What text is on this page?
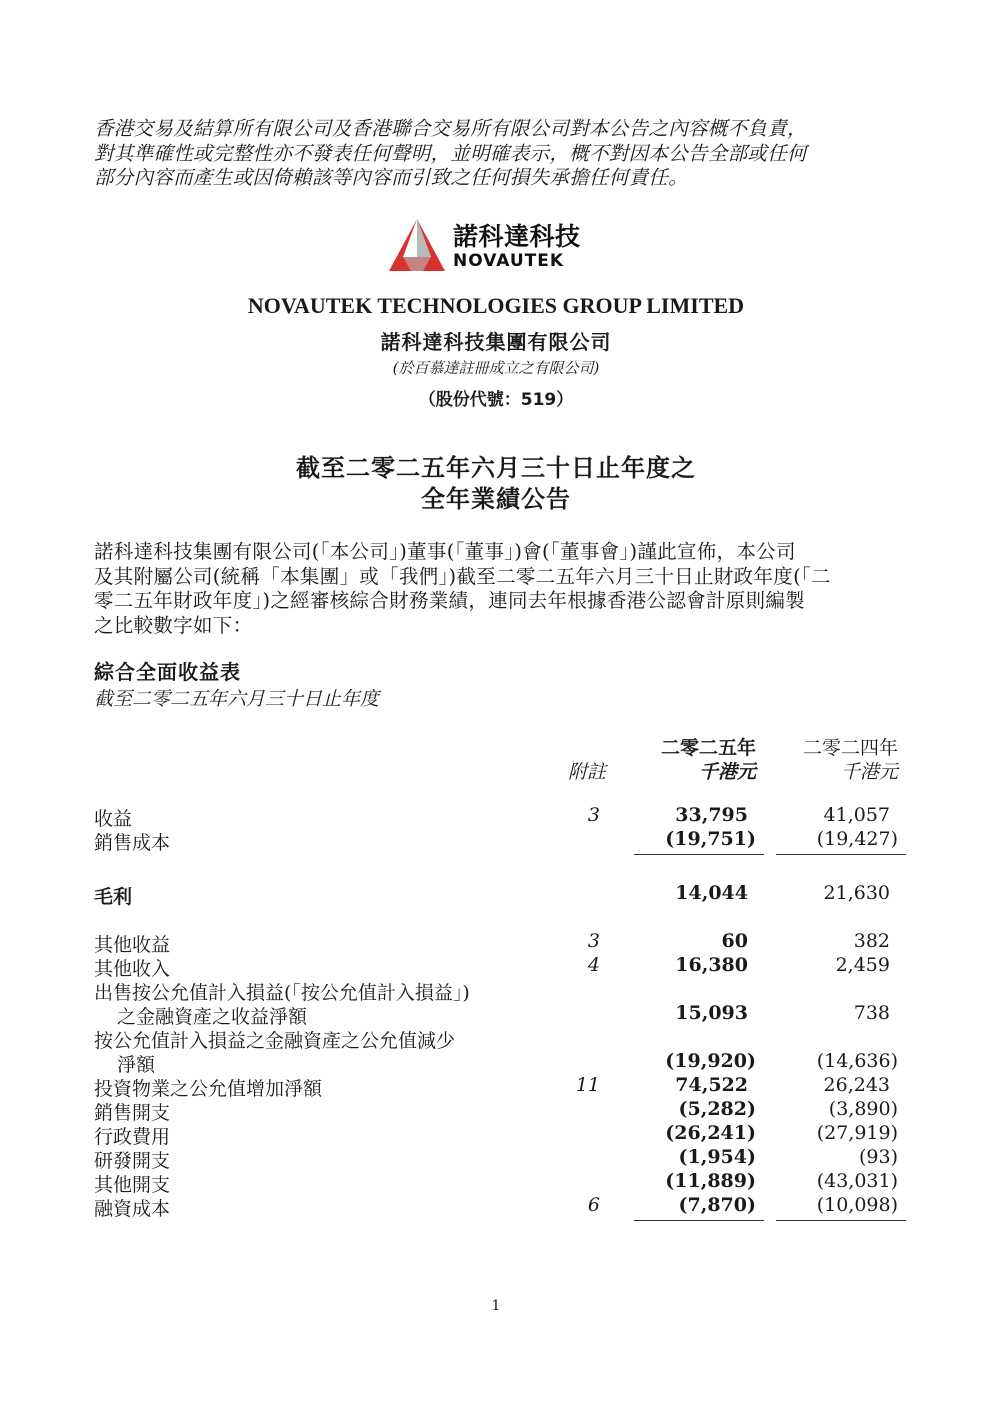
香港交易及結算所有限公司及香港聯合交易所有限公司對本公告之內容概不負責，
對其準確性或完整性亦不發表任何聲明，並明確表示，概不對因本公告全部或任何
部分內容而產生或因倚賴該等內容而引致之任何損失承擔任何責任。
諾科達科技
NOVAUTEK
NOVAUTEK TECHNOLOGIES GROUP LIMITED
諾科達科技集團有限公司
(於百慕達註冊成立之有限公司)
（股份代號：519）
截至二零二五年六月三十日止年度之
全年業績公告
諾科達科技集團有限公司(「本公司」)董事(「董事」)會(「董事會」)謹此宣佈，本公司
及其附屬公司(統稱「本集團」或「我們」)截至二零二五年六月三十日止財政年度(「二
零二五年財政年度」)之經審核綜合財務業績，連同去年根據香港公認會計原則編製
之比較數字如下：
綜合全面收益表
截至二零二五年六月三十日止年度
二零二五年 二零二四年
附註	千港元	千港元
收益	3	33,795	41,057
銷售成本	(19,751)	(19,427)
毛利	14,044	21,630
其他收益	3	60	382
其他收入	4	16,380	2,459
出售按公允值計入損益(「按公允值計入損益」)
之金融資產之收益淨額	15,093	738
按公允值計入損益之金融資產之公允值減少
淨額	(19,920)	(14,636)
投資物業之公允值增加淨額	11	74,522	26,243
銷售開支	(5,282)	(3,890)
行政費用	(26,241)	(27,919)
研發開支	(1,954)	(93)
其他開支	(11,889)	(43,031)
融資成本	6	(7,870)	(10,098)
1
